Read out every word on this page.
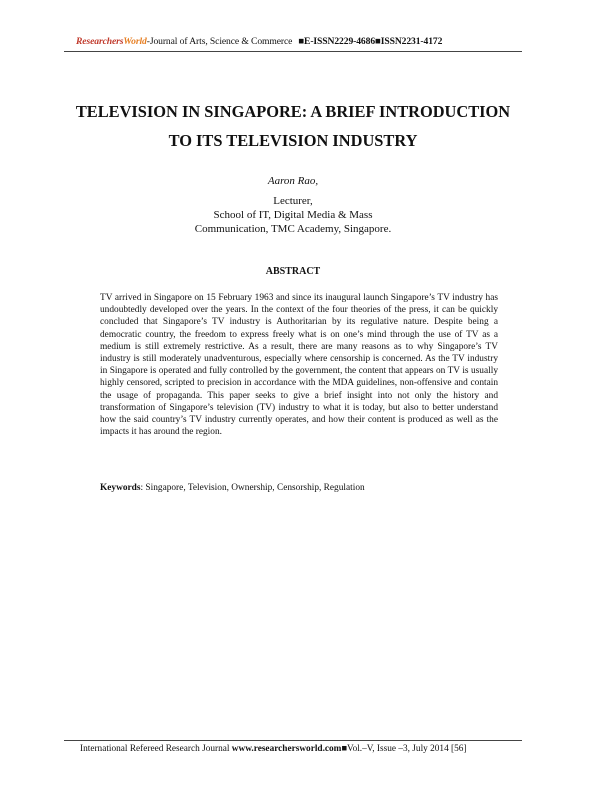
ResearchersWorld-Journal of Arts, Science & Commerce ■E-ISSN2229-4686■ISSN2231-4172
TELEVISION IN SINGAPORE: A BRIEF INTRODUCTION
TO ITS TELEVISION INDUSTRY
Aaron Rao,
Lecturer,
School of IT, Digital Media & Mass
Communication, TMC Academy, Singapore.
ABSTRACT

TV arrived in Singapore on 15 February 1963 and since its inaugural launch Singapore’s TV industry has undoubtedly developed over the years. In the context of the four theories of the press, it can be quickly concluded that Singapore’s TV industry is Authoritarian by its regulative nature. Despite being a democratic country, the freedom to express freely what is on one’s mind through the use of TV as a medium is still extremely restrictive. As a result, there are many reasons as to why Singapore’s TV industry is still moderately unadventurous, especially where censorship is concerned. As the TV industry in Singapore is operated and fully controlled by the government, the content that appears on TV is usually highly censored, scripted to precision in accordance with the MDA guidelines, non-offensive and contain the usage of propaganda. This paper seeks to give a brief insight into not only the history and transformation of Singapore’s television (TV) industry to what it is today, but also to better understand how the said country’s TV industry currently operates, and how their content is produced as well as the impacts it has around the region.

Keywords: Singapore, Television, Ownership, Censorship, Regulation
International Refereed Research Journal www.researchersworld.com■Vol.–V, Issue –3, July 2014 [56]
